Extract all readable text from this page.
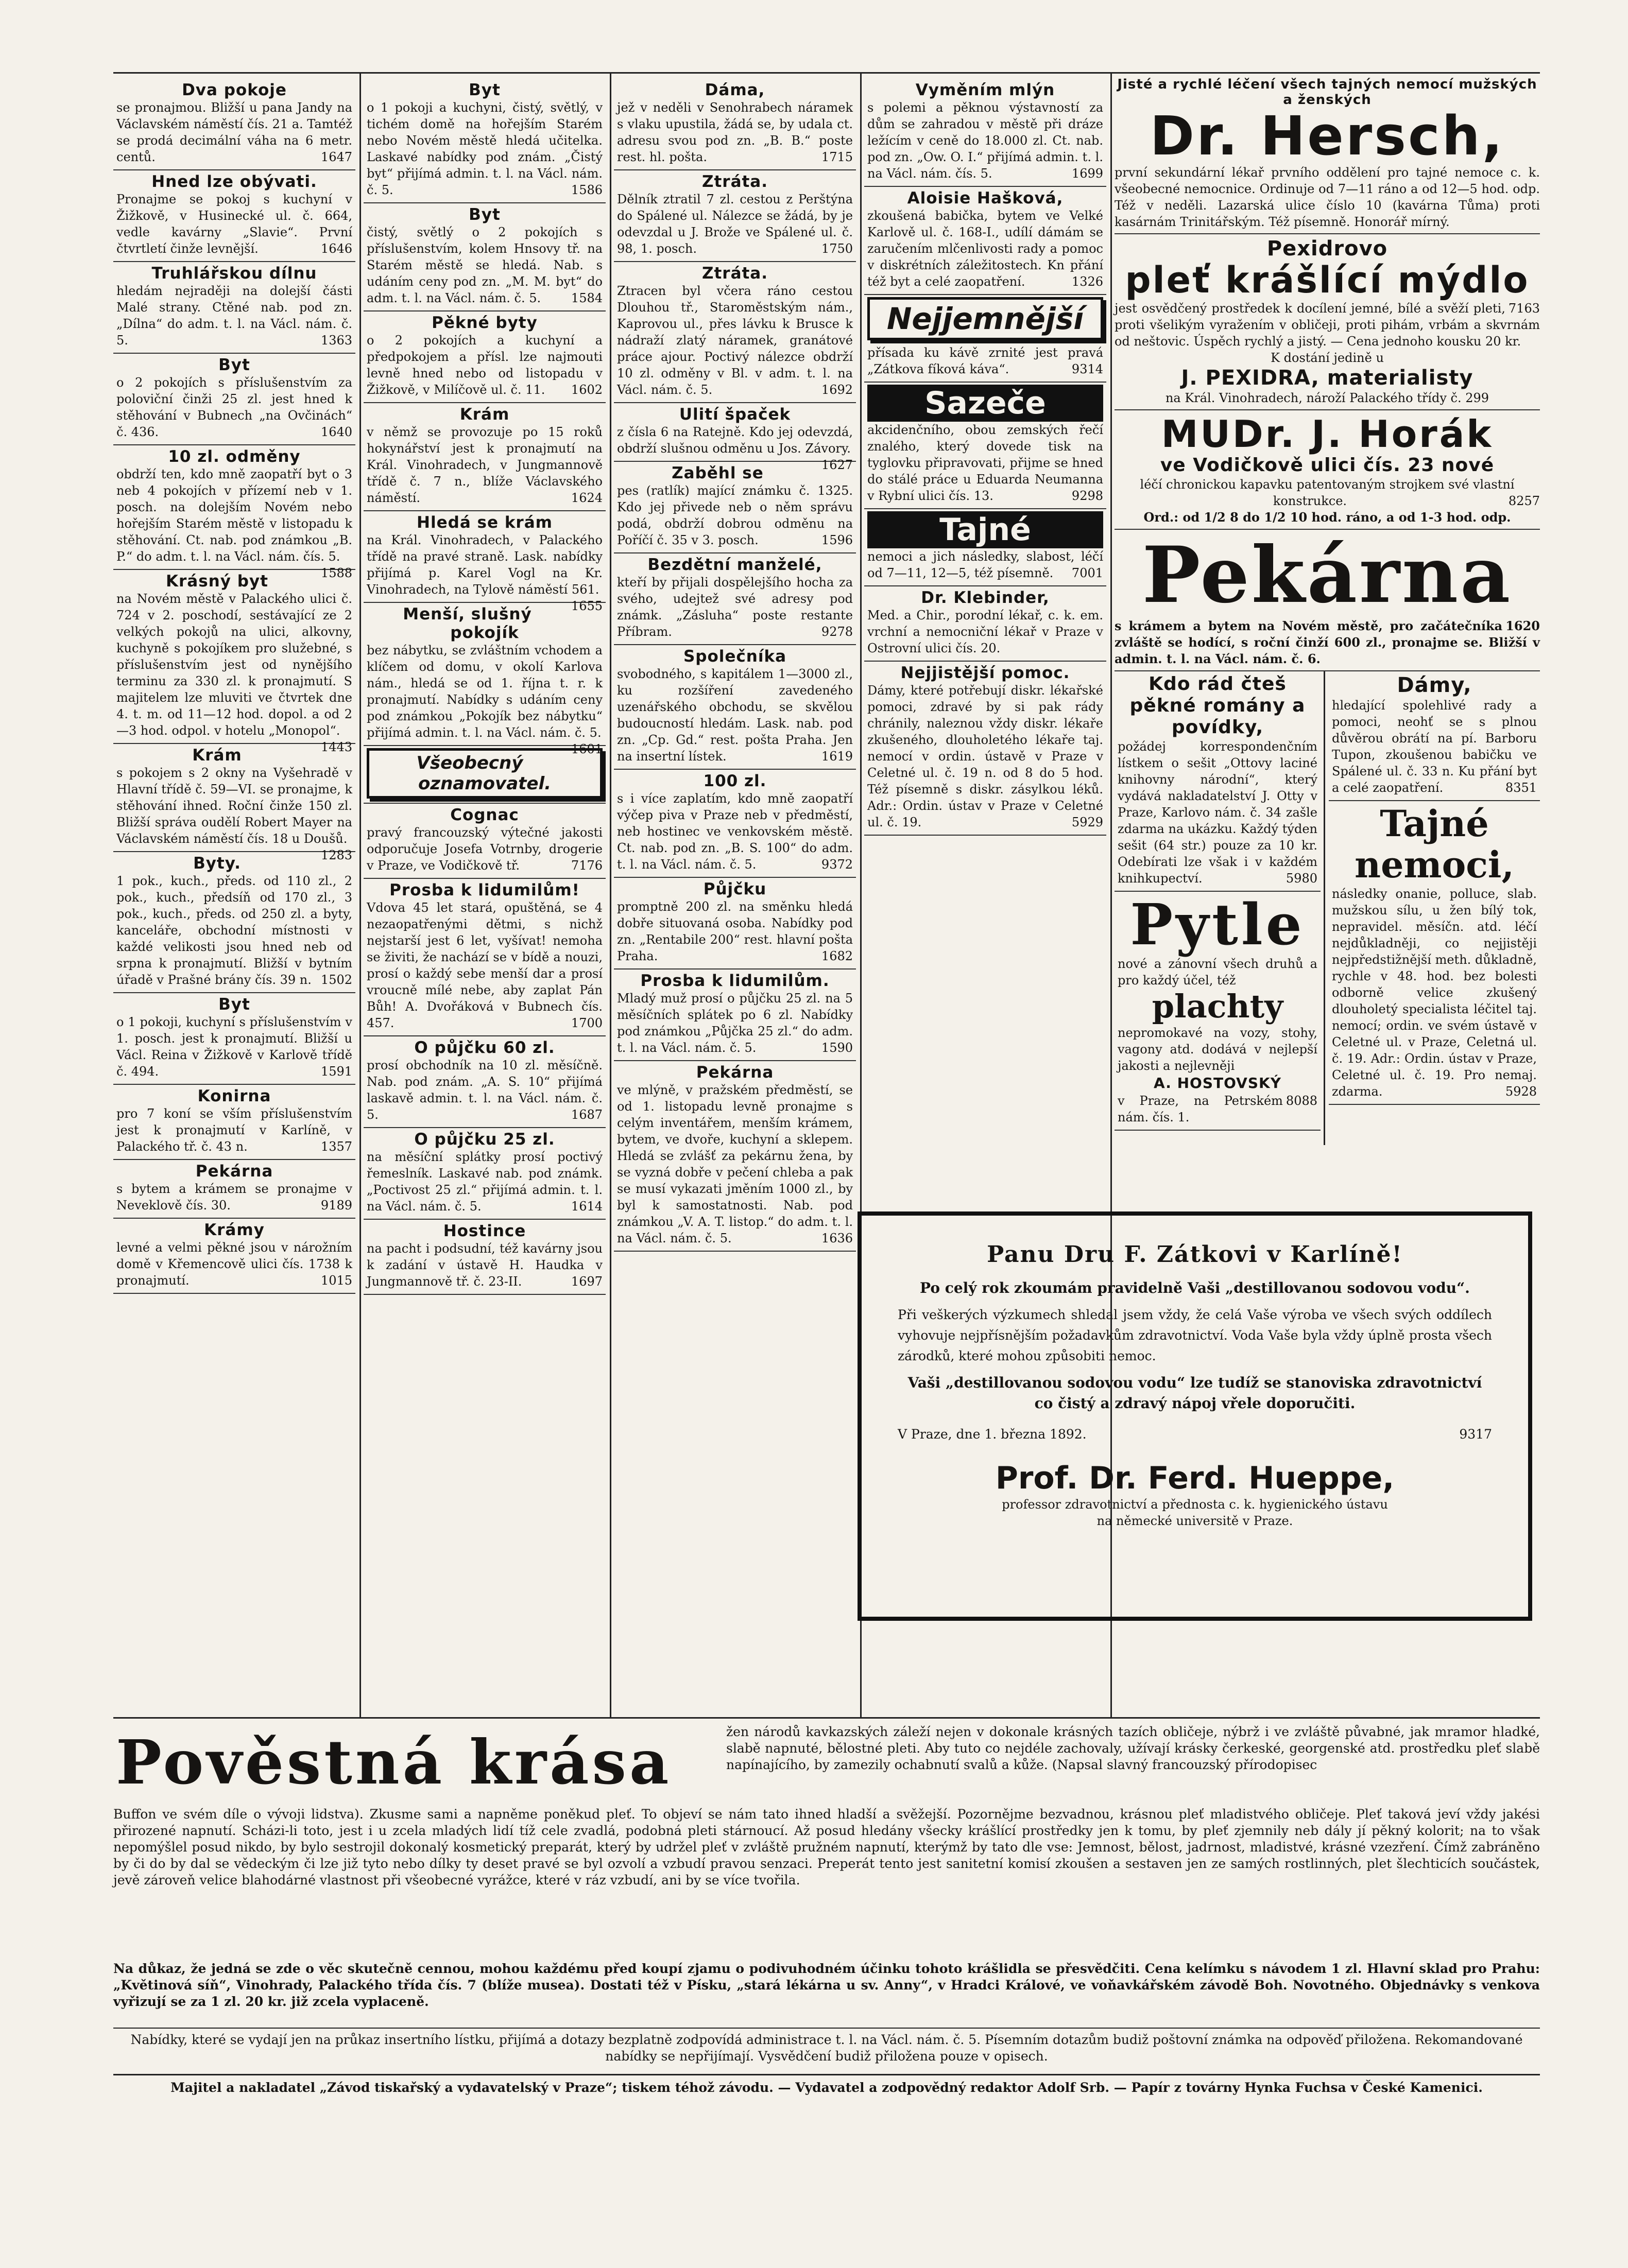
Dva pokoje
se pronajmou. Bližší u pana Jandy na Václavském náměstí čís. 21 a. Tamtéž se prodá decimální váha na 6 metr. centů.	1647
Hned lze obývati.
Pronajme se pokoj s kuchyní v Žižkově, v Husinecké ul. č. 664, vedle kavárny „Slavie“. První čtvrtletí činže levnější.	1646
Truhlářskou dílnu
hledám nejraději na dolejší části Malé strany. Ctěné nab. pod zn. „Dílna“ do adm. t. l. na Václ. nám. č. 5.	1363
Byt
o 2 pokojích s příslušenstvím za poloviční činži 25 zl. jest hned k stěhování v Bubnech „na Ovčinách“ č. 436.	1640
10 zl. odměny
obdrží ten, kdo mně zaopatří byt o 3 neb 4 pokojích v přízemí neb v 1. posch. na dolejším Novém nebo hořejším Starém městě v listopadu k stěhování. Ct. nab. pod známkou „B. P.“ do adm. t. l. na Václ. nám. čís. 5.
1588
Krásný byt
na Novém městě v Palackého ulici č. 724 v 2. poschodí, sestávající ze 2 velkých pokojů na ulici, alkovny, kuchyně s pokojíkem pro služebné, s příslušenstvím jest od nynějšího terminu za 330 zl. k pronajmutí. S majitelem lze mluviti ve čtvrtek dne 4. t. m. od 11—12 hod. dopol. a od 2—3 hod. odpol. v hotelu „Monopol“.
1443
Krám
s pokojem s 2 okny na Vyšehradě v Hlavní třídě č. 59—VI. se pronajme, k stěhování ihned. Roční činže 150 zl. Bližší správa oudělí Robert Mayer na Václavském náměstí čís. 18 u Doušů.
1283
Byty.
1 pok., kuch., předs. od 110 zl., 2 pok., kuch., předsíň od 170 zl., 3 pok., kuch., předs. od 250 zl. a byty, kanceláře, obchodní místnosti v každé velikosti jsou hned neb od srpna k pronajmutí. Bližší v bytním úřadě v Prašné brány čís. 39 n. 1502
Byt
o 1 pokoji, kuchyní s příslušenstvím v 1. posch. jest k pronajmutí. Bližší u Václ. Reina v Žižkově v Karlově třídě č. 494.	1591
Konirna
pro 7 koní se vším příslušenstvím jest k pronajmutí v Karlíně, v Palackého tř. č. 43 n.	1357
Pekárna
s bytem a krámem se pronajme v Neveklově čís. 30.	9189
Krámy
levné a velmi pěkné jsou v nárožním domě v Křemencově ulici čís. 1738 k pronajmutí.	1015
Byt
o 1 pokoji a kuchyni, čistý, světlý, v tichém domě na hořejším Starém nebo Novém městě hledá učitelka. Laskavé nabídky pod znám. „Čistý byt“ přijímá admin. t. l. na Václ. nám. č. 5.	1586
Byt
čistý, světlý o 2 pokojích s příslušenstvím, kolem Hnsovy tř. na Starém městě se hledá. Nab. s udáním ceny pod zn. „M. M. byt“ do adm. t. l. na Václ. nám. č. 5. 1584
Pěkné byty
o 2 pokojích a kuchyní a předpokojem a přísl. lze najmouti levně hned nebo od listopadu v Žižkově, v Milíčově ul. č. 11. 1602
Krám
v němž se provozuje po 15 roků hokynářství jest k pronajmutí na Král. Vinohradech, v Jungmannově třídě č. 7 n., blíže Václavského náměstí.	1624
Hledá se krám
na Král. Vinohradech, v Palackého třídě na pravé straně. Lask. nabídky přijímá p. Karel Vogl na Kr. Vinohradech, na Tylově náměstí 561.
1655
Menší, slušný pokojík
bez nábytku, se zvláštním vchodem a klíčem od domu, v okolí Karlova nám., hledá se od 1. října t. r. k pronajmutí. Nabídky s udáním ceny pod známkou „Pokojík bez nábytku“ přijímá admin. t. l. na Václ. nám. č. 5.
1601
Všeobecný oznamovatel.
Cognac
pravý francouzský výtečné jakosti odporučuje Josefa Votrnby, drogerie v Praze, ve Vodičkově tř.	7176
Prosba k lidumilům!
Vdova 45 let stará, opuštěná, se 4 nezaopatřenými dětmi, s nichž nejstarší jest 6 let, vyšívat! nemoha se živiti, že nachází se v bídě a nouzi, prosí o každý sebe menší dar a prosí vroucně mílé nebe, aby zaplat Pán Bůh! A. Dvořáková v Bubnech čís. 457.	1700
O půjčku 60 zl.
prosí obchodník na 10 zl. měsíčně. Nab. pod znám. „A. S. 10“ přijímá laskavě admin. t. l. na Václ. nám. č. 5.	1687
O půjčku 25 zl.
na měsíční splátky prosí poctivý řemeslník. Laskavé nab. pod známk. „Poctivost 25 zl.“ přijímá admin. t. l. na Václ. nám. č. 5.	1614
Hostince
na pacht i podsudní, též kavárny jsou k zadání v ústavě H. Haudka v Jungmannově tř. č. 23-II.	1697
Dáma,
jež v neděli v Senohrabech náramek s vlaku upustila, žádá se, by udala ct. adresu svou pod zn. „B. B.“ poste rest. hl. pošta.	1715
Ztráta.
Dělník ztratil 7 zl. cestou z Perštýna do Spálené ul. Nálezce se žádá, by je odevzdal u J. Brože ve Spálené ul. č. 98, 1. posch.	1750
Ztráta.
Ztracen byl včera ráno cestou Dlouhou tř., Staroměstským nám., Kaprovou ul., přes lávku k Brusce k nádraží zlatý náramek, granátové práce ajour. Poctivý nálezce obdrží 10 zl. odměny v Bl. v adm. t. l. na Václ. nám. č. 5.	1692
Ulití špaček
z čísla 6 na Ratejně. Kdo jej odevzdá, obdrží slušnou odměnu u Jos. Závory.
1627
Zaběhl se
pes (ratlík) mající známku č. 1325. Kdo jej přivede neb o něm správu podá, obdrží dobrou odměnu na Poříčí č. 35 v 3. posch.	1596
Bezdětní manželé,
kteří by přijali dospělejšího hocha za svého, udejtež své adresy pod známk. „Zásluha“ poste restante Příbram.	9278
Společníka
svobodného, s kapitálem 1—3000 zl., ku rozšíření zavedeného uzenářského obchodu, se skvělou budoucností hledám. Lask. nab. pod zn. „Cp. Gd.“ rest. pošta Praha. Jen na insertní lístek.	1619
100 zl.
s i více zaplatím, kdo mně zaopatří výčep piva v Praze neb v předměstí, neb hostinec ve venkovském městě. Ct. nab. pod zn. „B. S. 100“ do adm. t. l. na Václ. nám. č. 5.	9372
Půjčku
promptně 200 zl. na směnku hledá dobře situovaná osoba. Nabídky pod zn. „Rentabile 200“ rest. hlavní pošta Praha.	1682
Prosba k lidumilům.
Mladý muž prosí o půjčku 25 zl. na 5 měsíčních splátek po 6 zl. Nabídky pod známkou „Půjčka 25 zl.“ do adm. t. l. na Václ. nám. č. 5.	1590
Pekárna
ve mlýně, v pražském předměstí, se od 1. listopadu levně pronajme s celým inventářem, menším krámem, bytem, ve dvoře, kuchyní a sklepem. Hledá se zvlášť za pekárnu žena, by se vyzná dobře v pečení chleba a pak se musí vykazati jměním 1000 zl., by byl k samostatnosti. Nab. pod známkou „V. A. T. listop.“ do adm. t. l. na Václ. nám. č. 5.	1636
Vyměním mlýn
s polemi a pěknou výstavností za dům se zahradou v městě při dráze ležícím v ceně do 18.000 zl. Ct. nab. pod zn. „Ow. O. I.“ přijímá admin. t. l. na Václ. nám. čís. 5.	1699
Aloisie Hašková,
zkoušená babička, bytem ve Velké Karlově ul. č. 168-I., udílí dámám se zaručením mlčenlivosti rady a pomoc v diskrétních záležitostech. Kn přání též byt a celé zaopatření.	1326
Nejjemnější
přísada ku kávě zrnité jest pravá „Zátkova fíková káva“.	9314
Sazeče
akcidenčního, obou zemských řečí znalého, který dovede tisk na tyglovku připravovati, přijme se hned do stálé práce u Eduarda Neumanna v Rybní ulici čís. 13.	9298
Tajné
nemoci a jich následky, slabost, léčí od 7—11, 12—5, též písemně. 7001
Dr. Klebinder,
Med. a Chir., porodní lékař, c. k. em. vrchní a nemocniční lékař v Praze v Ostrovní ulici čís. 20.
Nejjistější pomoc.
Dámy, které potřebují diskr. lékařské pomoci, zdravé by si pak rády chránily, naleznou vždy diskr. lékaře zkušeného, dlouholetého lékaře taj. nemocí v ordin. ústavě v Praze v Celetné ul. č. 19 n. od 8 do 5 hod. Též písemně s diskr. zásylkou léků. Adr.: Ordin. ústav v Praze v Celetné ul. č. 19.	5929
Jisté a rychlé léčení všech tajných nemocí mužských a ženských
Dr. Hersch,
první sekundární lékař prvního oddělení pro tajné nemoce c. k. všeobecné nemocnice. Ordinuje od 7—11 ráno a od 12—5 hod. odp. Též v neděli. Lazarská ulice číslo 10 (kavárna Tůma) proti kasárnám Trinitářským. Též písemně. Honorář mírný.
Pexidrovo
pleť krášlící mýdlo
7163
jest osvědčený prostředek k docílení jemné, bílé a svěží pleti, proti všelikým vyražením v obličeji, proti pihám, vrbám a skvrnám od neštovic. Úspěch rychlý a jistý. — Cena jednoho kousku 20 kr.
K dostání jedině u
J. PEXIDRA, materialisty
na Král. Vinohradech, nároží Palackého třídy č. 299
MUDr. J. Horák
ve Vodičkově ulici čís. 23 nové
léčí chronickou kapavku patentovaným strojkem své vlastní konstrukce.	8257
Ord.: od 1/2 8 do 1/2 10 hod. ráno, a od 1-3 hod. odp.
Pekárna
1620
s krámem a bytem na Novém městě, pro začátečníka zvláště se hodící, s roční činží 600 zl., pronajme se. Bližší v admin. t. l. na Václ. nám. č. 6.
Kdo rád čteš pěkné romány a povídky,
požádej korrespondenčním lístkem o sešit „Ottovy laciné knihovny národní“, který vydává nakladatelství J. Otty v Praze, Karlovo nám. č. 34 zašle zdarma na ukázku. Každý týden sešit (64 str.) pouze za 10 kr. Odebírati lze však i v každém knihkupectví.	5980
Pytle
nové a zánovní všech druhů a pro každý účel, též
plachty
nepromokavé na vozy, stohy, vagony atd. dodává v nejlepší jakosti a nejlevněji
A. HOSTOVSKÝ
8088
v Praze, na Petrském nám. čís. 1.
Dámy,
hledající spolehlivé rady a pomoci, neohť se s plnou důvěrou obrátí na pí. Barboru Tupon, zkoušenou babičku ve Spálené ul. č. 33 n. Ku přání byt a celé zaopatření.	8351
Tajné nemoci,
následky onanie, polluce, slab. mužskou sílu, u žen bílý tok, nepravidel. měsíčn. atd. léčí nejdůkladněji, co nejjistěji nejpředstižnější meth. důkladně, rychle v 48. hod. bez bolesti odborně velice zkušený dlouholetý specialista léčitel taj. nemocí; ordin. ve svém ústavě v Celetné ul. v Praze, Celetná ul. č. 19. Adr.: Ordin. ústav v Praze, Celetné ul. č. 19. Pro nemaj. zdarma.	5928
Panu Dru F. Zátkovi v Karlíně!
Po celý rok zkoumám pravidelně Vaši „destillovanou sodovou vodu“.
Při veškerých výzkumech shledal jsem vždy, že celá Vaše výroba ve všech svých oddílech vyhovuje nejpřísnějším požadavkům zdravotnictví. Voda Vaše byla vždy úplně prosta všech zárodků, které mohou způsobiti nemoc.
Vaši „destillovanou sodovou vodu“ lze tudíž se stanoviska zdravotnictví co čistý a zdravý nápoj vřele doporučiti.
V Praze, dne 1. března 1892.	9317
Prof. Dr. Ferd. Hueppe,
professor zdravotnictví a přednosta c. k. hygienického ústavu
na německé universitě v Praze.
Pověstná krása	žen národů kavkazských záleží nejen v dokonale krásných tazích obličeje, nýbrž i ve zvláště půvabné, jak mramor hladké, slabě napnuté, bělostné pleti. Aby tuto co nejdéle zachovaly, užívají krásky čerkeské, georgenské atd. prostředku pleť slabě napínajícího, by zamezily ochabnutí svalů a kůže. (Napsal slavný francouzský přírodopisec
Buffon ve svém díle o vývoji lidstva). Zkusme sami a napněme poněkud pleť. To objeví se nám tato ihned hladší a svěžejší. Pozornějme bezvadnou, krásnou pleť mladistvého obličeje. Pleť taková jeví vždy jakési přirozené napnutí. Scházi-li toto, jest i u zcela mladých lidí tíž cele zvadlá, podobná pleti stárnoucí. Až posud hledány všecky krášlící prostředky jen k tomu, by pleť zjemnily neb dály jí pěkný kolorit; na to však nepomýšlel posud nikdo, by bylo sestrojil dokonalý kosmetický preparát, který by udržel pleť v zvláště pružném napnutí, kterýmž by tato dle vse: Jemnost, bělost, jadrnost, mladistvé, krásné vzezření. Čímž zabráněno by či do by dal se vědeckým či lze již tyto nebo dílky ty deset pravé se byl ozvolí a vzbudí pravou senzaci. Preperát tento jest sanitetní komisí zkoušen a sestaven jen ze samých rostlinných, plet šlechticích součástek, jevě zároveň velice blahodárné vlastnost při všeobecné vyrážce, které v ráz vzbudí, ani by se více tvořila.
Na důkaz, že jedná se zde o věc skutečně cennou, mohou každému před koupí zjamu o podivuhodném účinku tohoto krášlidla se přesvědčiti. Cena kelímku s návodem 1 zl. Hlavní sklad pro Prahu: „Květinová síň“, Vinohrady, Palackého třída čís. 7 (blíže musea). Dostati též v Písku, „stará lékárna u sv. Anny“, v Hradci Králové, ve voňavkářském závodě Boh. Novotného. Objednávky s venkova vyřizují se za 1 zl. 20 kr. již zcela vyplaceně.
Nabídky, které se vydají jen na průkaz insertního lístku, přijímá a dotazy bezplatně zodpovídá administrace t. l. na Václ. nám. č. 5. Písemním dotazům budiž poštovní známka na odpověď přiložena. Rekomandované nabídky se nepřijímají. Vysvědčení budiž přiložena pouze v opisech.
Majitel a nakladatel „Závod tiskařský a vydavatelský v Praze“; tiskem téhož závodu. — Vydavatel a zodpovědný redaktor Adolf Srb. — Papír z továrny Hynka Fuchsa v České Kamenici.
